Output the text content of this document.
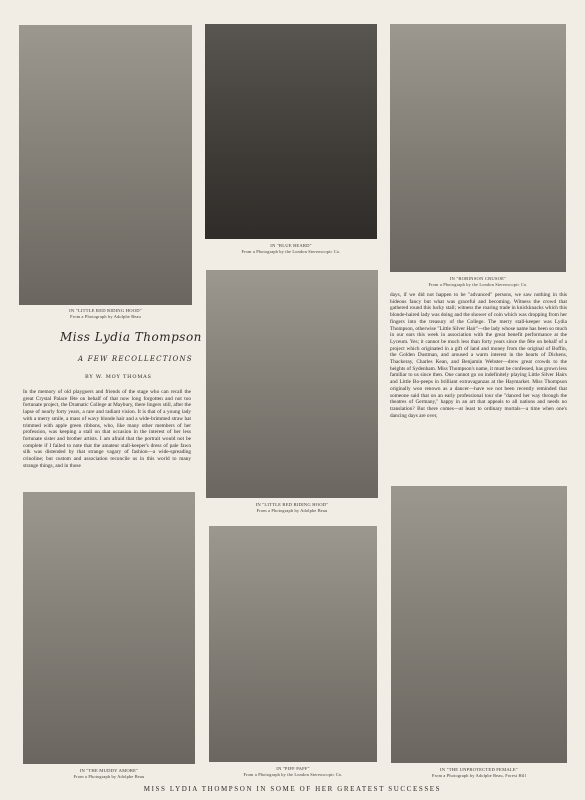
IN "LITTLE RED RIDING HOOD"
From a Photograph by Adolphe Beau
IN "BLUE BEARD"
From a Photograph by the London Stereoscopic Co.
IN "ROBINSON CRUSOE"
From a Photograph by the London Stereoscopic Co.
Miss Lydia Thompson
A FEW RECOLLECTIONS
BY W. MOY THOMAS
In the memory of old playgoers and friends of the stage who can recall the great Crystal Palace fête on behalf of that now long forgotten and not too fortunate project, the Dramatic College at Maybury, there lingers still, after the lapse of nearly forty years, a rare and radiant vision. It is that of a young lady with a merry smile, a mass of wavy blonde hair and a wide-brimmed straw hat trimmed with apple green ribbons, who, like many other members of her profession, was keeping a stall on that occasion in the interest of her less fortunate sister and brother artists. I am afraid that the portrait would not be complete if I failed to note that the amateur stall-keeper's dress of pale fawn silk was distended by that strange vagary of fashion—a wide-spreading crinoline; but custom and association reconcile us in this world to many strange things, and in those
IN "LITTLE RED RIDING HOOD"
From a Photograph by Adolphe Beau
days, if we did not happen to be "advanced" persons, we saw nothing in this hideous fancy but what was graceful and becoming. Witness the crowd that gathered round this lucky stall; witness the roaring trade in knickknacks which this blonde-haired lady was doing and the shower of coin which was dropping from her fingers into the treasury of the College. The merry stall-keeper was Lydia Thompson, otherwise "Little Silver Hair"—the lady whose name has been so much in our ears this week in association with the great benefit performance at the Lyceum. Yes; it cannot be much less than forty years since the fête on behalf of a project which originated in a gift of land and money from the original of Boffin, the Golden Dustman, and aroused a warm interest in the hearts of Dickens, Thackeray, Charles Kean, and Benjamin Webster—drew great crowds to the heights of Sydenham. Miss Thompson's name, it must be confessed, has grown less familiar to us since then. One cannot go on indefinitely playing Little Silver Hairs and Little Bo-peeps in brilliant extravaganzas at the Haymarket. Miss Thompson originally won renown as a dancer—have we not been recently reminded that someone said that on an early professional tour she "danced her way through the theatres of Germany," happy in an art that appeals to all nations and needs no translation? But there comes—at least to ordinary mortals—a time when one's dancing days are over,
IN "THE MUDDY AMORE"
From a Photograph by Adolphe Beau
IN "PIFF PAFF"
From a Photograph by the London Stereoscopic Co.
IN "THE UNPROTECTED FEMALE"
From a Photograph by Adolphe Beau, Forest Hill
MISS LYDIA THOMPSON IN SOME OF HER GREATEST SUCCESSES
